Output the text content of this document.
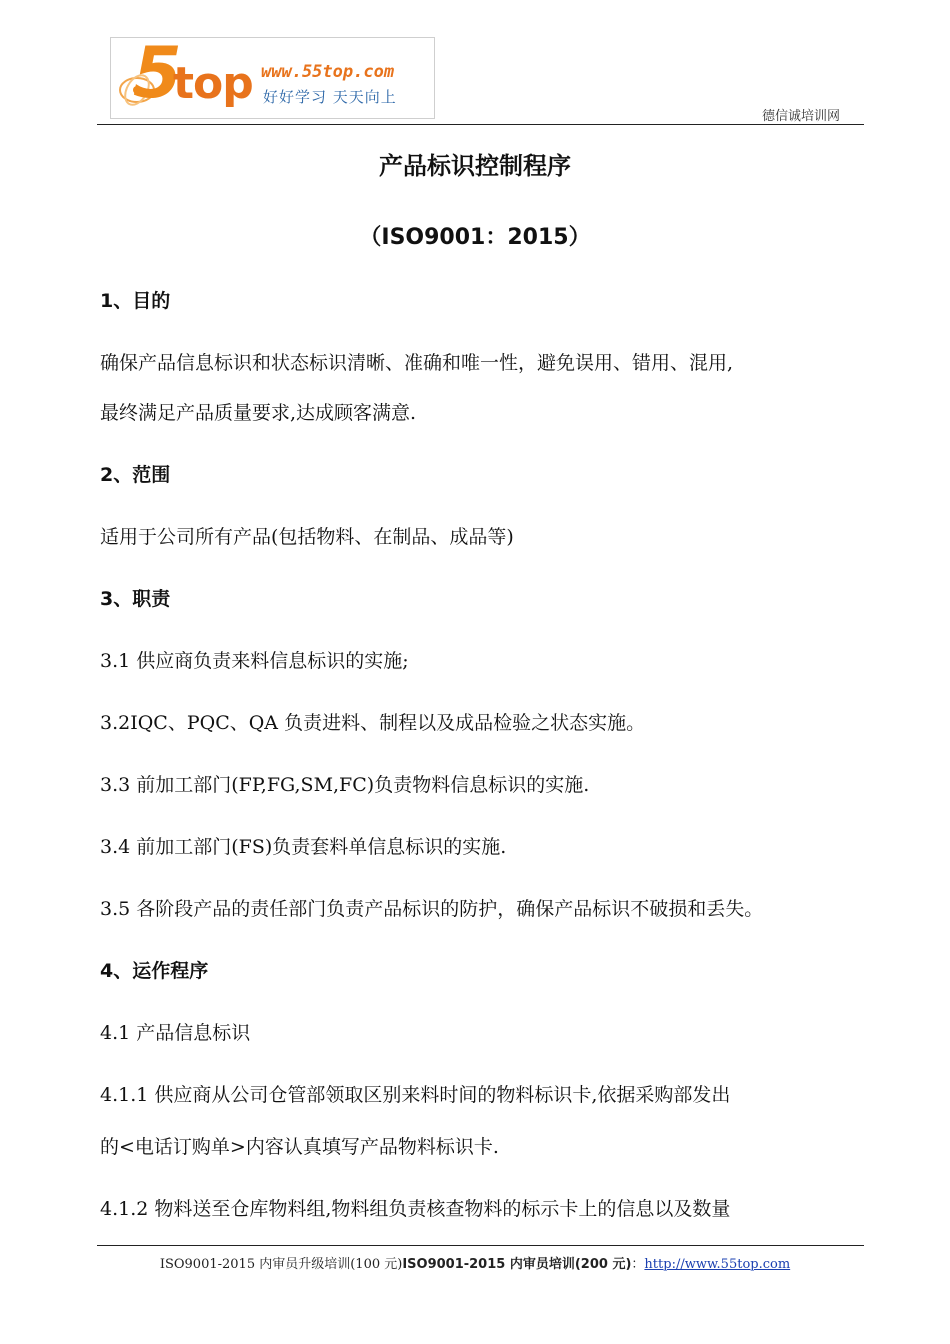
5
top www.55top.com
好好学习 天天向上
德信诚培训网
产品标识控制程序
（ISO9001：2015）
1、目的
确保产品信息标识和状态标识清晰、准确和唯一性，避免误用、错用、混用,
最终满足产品质量要求,达成顾客满意.
2、范围
适用于公司所有产品(包括物料、在制品、成品等)
3、职责
3.1 供应商负责来料信息标识的实施;
3.2IQC、PQC、QA 负责进料、制程以及成品检验之状态实施。
3.3 前加工部门(FP,FG,SM,FC)负责物料信息标识的实施.
3.4 前加工部门(FS)负责套料单信息标识的实施.
3.5 各阶段产品的责任部门负责产品标识的防护，确保产品标识不破损和丢失。
4、运作程序
4.1 产品信息标识
4.1.1 供应商从公司仓管部领取区别来料时间的物料标识卡,依据采购部发出
的<电话订购单>内容认真填写产品物料标识卡.
4.1.2 物料送至仓库物料组,物料组负责核查物料的标示卡上的信息以及数量
ISO9001-2015 内审员升级培训(100 元)ISO9001-2015 内审员培训(200 元)：http://www.55top.com
